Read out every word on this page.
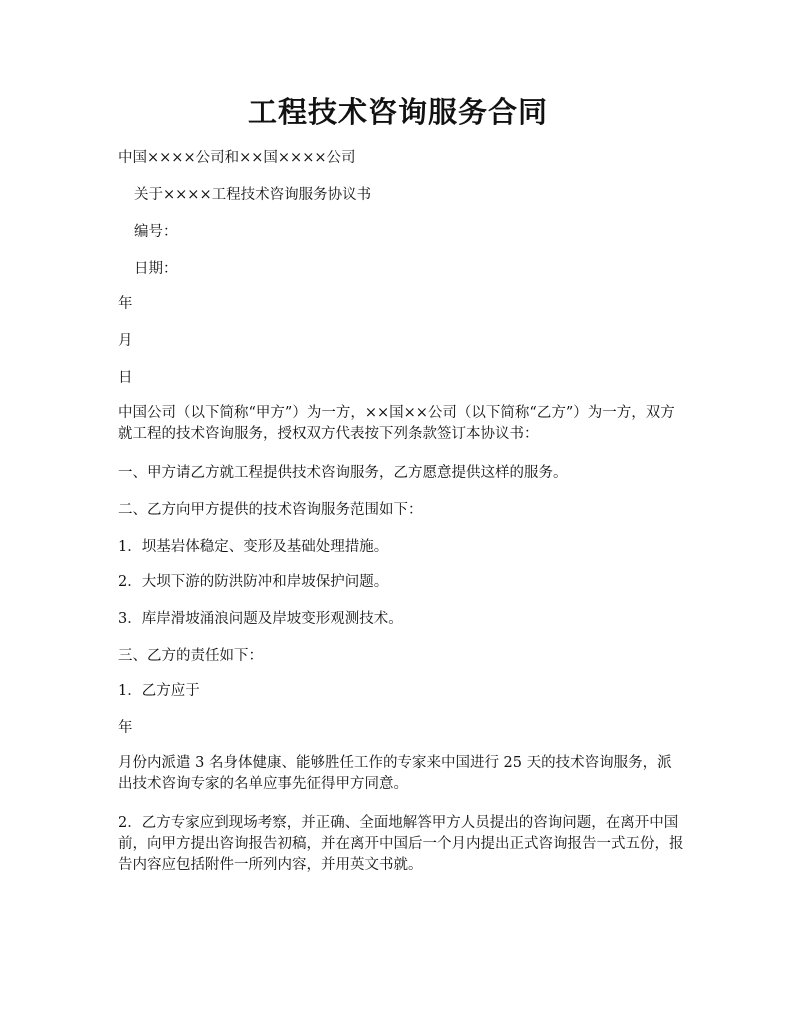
工程技术咨询服务合同

中国××××公司和××国××××公司

关于××××工程技术咨询服务协议书

编号：

日期：

年

月

日

中国公司（以下简称“甲方”）为一方，××国××公司（以下简称“乙方”）为一方，双方就工程的技术咨询服务，授权双方代表按下列条款签订本协议书：

一、甲方请乙方就工程提供技术咨询服务，乙方愿意提供这样的服务。

二、乙方向甲方提供的技术咨询服务范围如下：

1．坝基岩体稳定、变形及基础处理措施。

2．大坝下游的防洪防冲和岸坡保护问题。

3．库岸滑坡涌浪问题及岸坡变形观测技术。

三、乙方的责任如下：

1．乙方应于

年

月份内派遣 3 名身体健康、能够胜任工作的专家来中国进行 25 天的技术咨询服务，派出技术咨询专家的名单应事先征得甲方同意。

2．乙方专家应到现场考察，并正确、全面地解答甲方人员提出的咨询问题，在离开中国前，向甲方提出咨询报告初稿，并在离开中国后一个月内提出正式咨询报告一式五份，报告内容应包括附件一所列内容，并用英文书就。
